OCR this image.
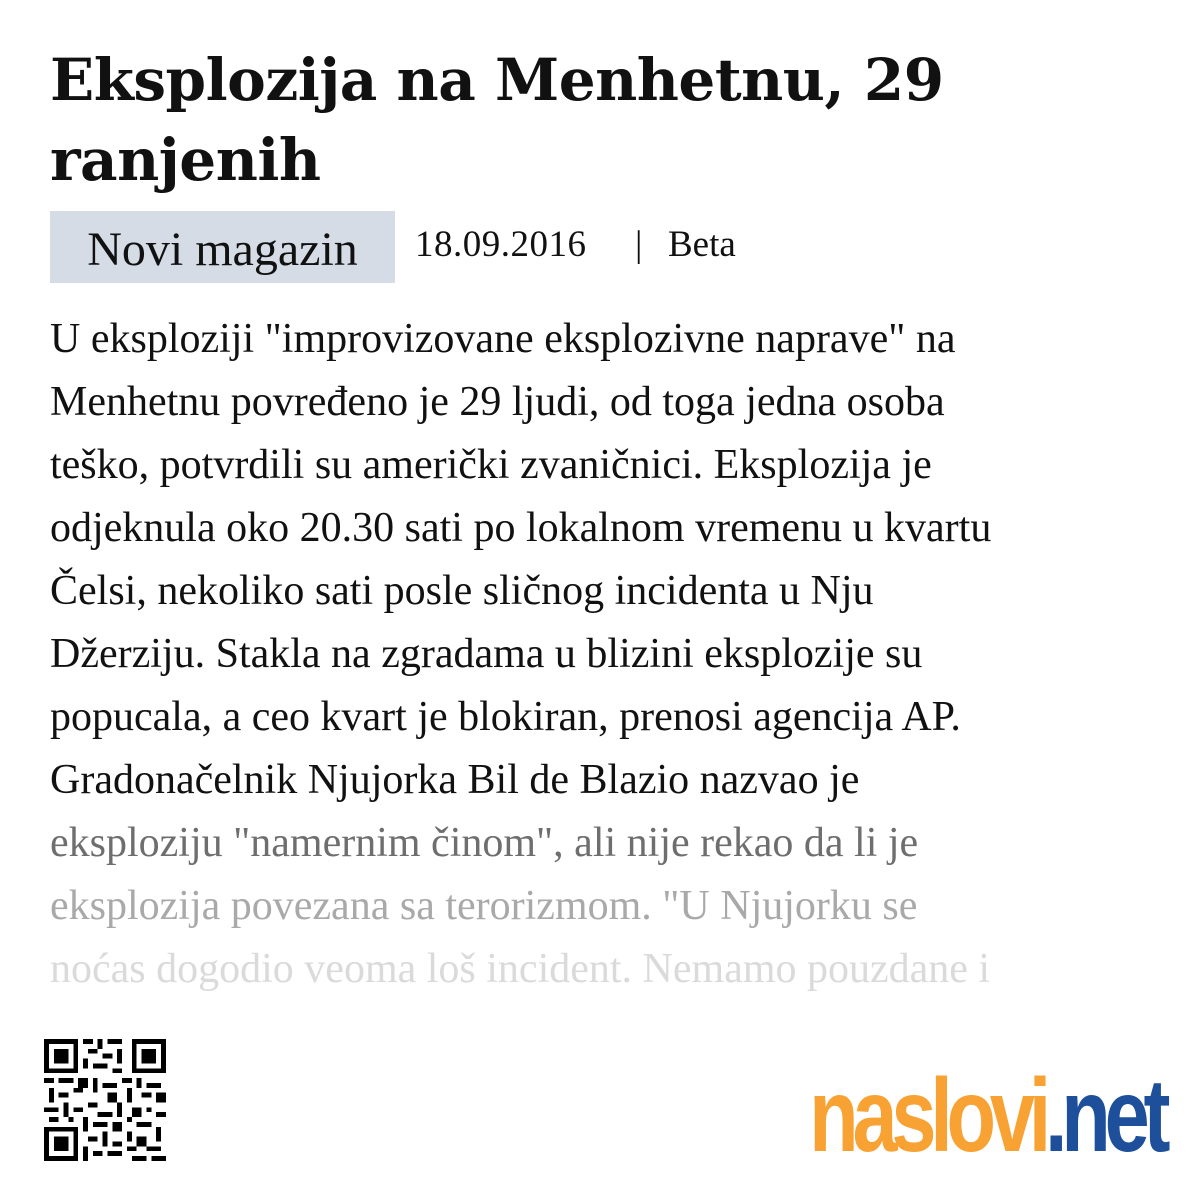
Eksplozija na Menhetnu, 29 ranjenih
Novi magazin	18.09.2016 | Beta
U eksploziji "improvizovane eksplozivne naprave" na
Menhetnu povređeno je 29 ljudi, od toga jedna osoba
teško, potvrdili su američki zvaničnici. Eksplozija je
odjeknula oko 20.30 sati po lokalnom vremenu u kvartu
Čelsi, nekoliko sati posle sličnog incidenta u Nju
Džerziju. Stakla na zgradama u blizini eksplozije su
popucala, a ceo kvart je blokiran, prenosi agencija AP.
Gradonačelnik Njujorka Bil de Blazio nazvao je
eksploziju "namernim činom", ali nije rekao da li je
eksplozija povezana sa terorizmom. "U Njujorku se
noćas dogodio veoma loš incident. Nemamo pouzdane i
naslovi.net
